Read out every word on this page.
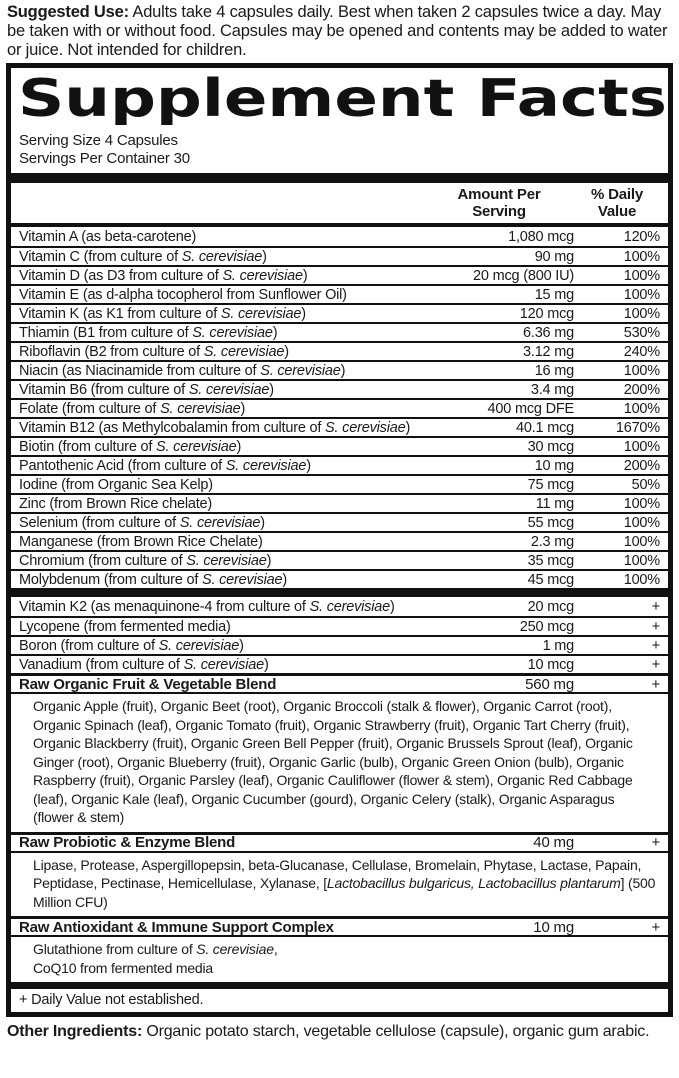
Suggested Use: Adults take 4 capsules daily. Best when taken 2 capsules twice a day. May be taken with or without food. Capsules may be opened and contents may be added to water or juice. Not intended for children.

Supplement Facts
Serving Size 4 Capsules
Servings Per Container 30
Amount Per
Serving
% Daily
Value
Vitamin A (as beta-carotene)	1,080 mcg	120%
Vitamin C (from culture of S. cerevisiae)	90 mg	100%
Vitamin D (as D3 from culture of S. cerevisiae)	20 mcg (800 IU)	100%
Vitamin E (as d-alpha tocopherol from Sunflower Oil)	15 mg	100%
Vitamin K (as K1 from culture of S. cerevisiae)	120 mcg	100%
Thiamin (B1 from culture of S. cerevisiae)	6.36 mg	530%
Riboflavin (B2 from culture of S. cerevisiae)	3.12 mg	240%
Niacin (as Niacinamide from culture of S. cerevisiae)	16 mg	100%
Vitamin B6 (from culture of S. cerevisiae)	3.4 mg	200%
Folate (from culture of S. cerevisiae)	400 mcg DFE	100%
Vitamin B12 (as Methylcobalamin from culture of S. cerevisiae)	40.1 mcg	1670%
Biotin (from culture of S. cerevisiae)	30 mcg	100%
Pantothenic Acid (from culture of S. cerevisiae)	10 mg	200%
Iodine (from Organic Sea Kelp)	75 mcg	50%
Zinc (from Brown Rice chelate)	11 mg	100%
Selenium (from culture of S. cerevisiae)	55 mcg	100%
Manganese (from Brown Rice Chelate)	2.3 mg	100%
Chromium (from culture of S. cerevisiae)	35 mcg	100%
Molybdenum (from culture of S. cerevisiae)	45 mcg	100%
Vitamin K2 (as menaquinone-4 from culture of S. cerevisiae)	20 mcg	+
Lycopene (from fermented media)	250 mcg	+
Boron (from culture of S. cerevisiae)	1 mg	+
Vanadium (from culture of S. cerevisiae)	10 mcg	+
Raw Organic Fruit & Vegetable Blend	560 mg	+
Organic Apple (fruit), Organic Beet (root), Organic Broccoli (stalk & flower), Organic Carrot (root), Organic Spinach (leaf), Organic Tomato (fruit), Organic Strawberry (fruit), Organic Tart Cherry (fruit), Organic Blackberry (fruit), Organic Green Bell Pepper (fruit), Organic Brussels Sprout (leaf), Organic Ginger (root), Organic Blueberry (fruit), Organic Garlic (bulb), Organic Green Onion (bulb), Organic Raspberry (fruit), Organic Parsley (leaf), Organic Cauliflower (flower & stem), Organic Red Cabbage (leaf), Organic Kale (leaf), Organic Cucumber (gourd), Organic Celery (stalk), Organic Asparagus (flower & stem)
Raw Probiotic & Enzyme Blend	40 mg	+
Lipase, Protease, Aspergillopepsin, beta-Glucanase, Cellulase, Bromelain, Phytase, Lactase, Papain, Peptidase, Pectinase, Hemicellulase, Xylanase, [Lactobacillus bulgaricus, Lactobacillus plantarum] (500 Million CFU)
Raw Antioxidant & Immune Support Complex	10 mg	+
Glutathione from culture of S. cerevisiae,
CoQ10 from fermented media
+ Daily Value not established.

Other Ingredients: Organic potato starch, vegetable cellulose (capsule), organic gum arabic.
